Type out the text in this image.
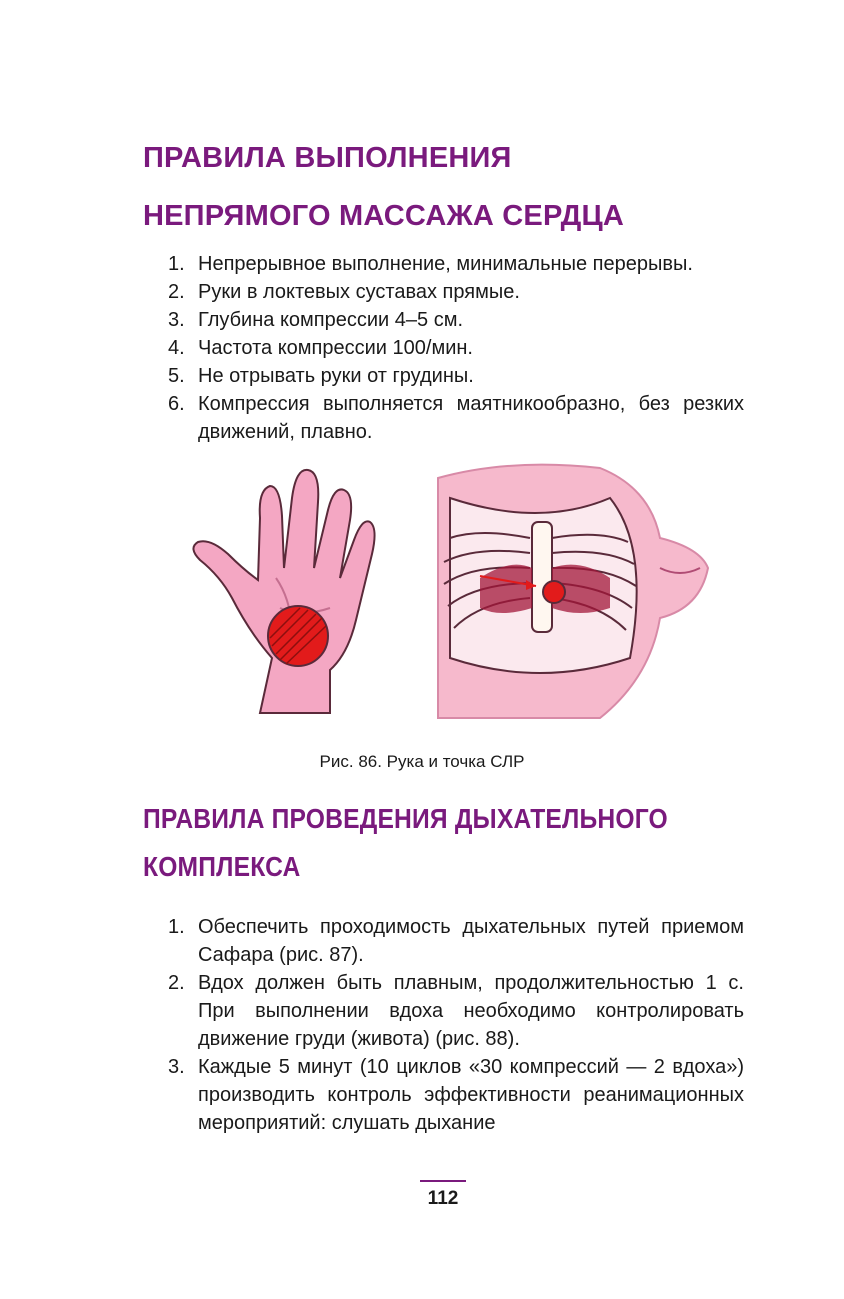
ПРАВИЛА ВЫПОЛНЕНИЯ
НЕПРЯМОГО МАССАЖА СЕРДЦА
1. Непрерывное выполнение, минимальные перерывы.
2. Руки в локтевых суставах прямые.
3. Глубина компрессии 4–5 см.
4. Частота компрессии 100/мин.
5. Не отрывать руки от грудины.
6. Компрессия выполняется маятникообразно, без резких движений, плавно.
Рис. 86. Рука и точка СЛР
ПРАВИЛА ПРОВЕДЕНИЯ ДЫХАТЕЛЬНОГО
КОМПЛЕКСА
1. Обеспечить проходимость дыхательных путей приемом Сафара (рис. 87).
2. Вдох должен быть плавным, продолжительностью 1 с. При выполнении вдоха необходимо контролировать движение груди (живота) (рис. 88).
3. Каждые 5 минут (10 циклов «30 компрессий — 2 вдоха») производить контроль эффективности реанимационных мероприятий: слушать дыхание
112
